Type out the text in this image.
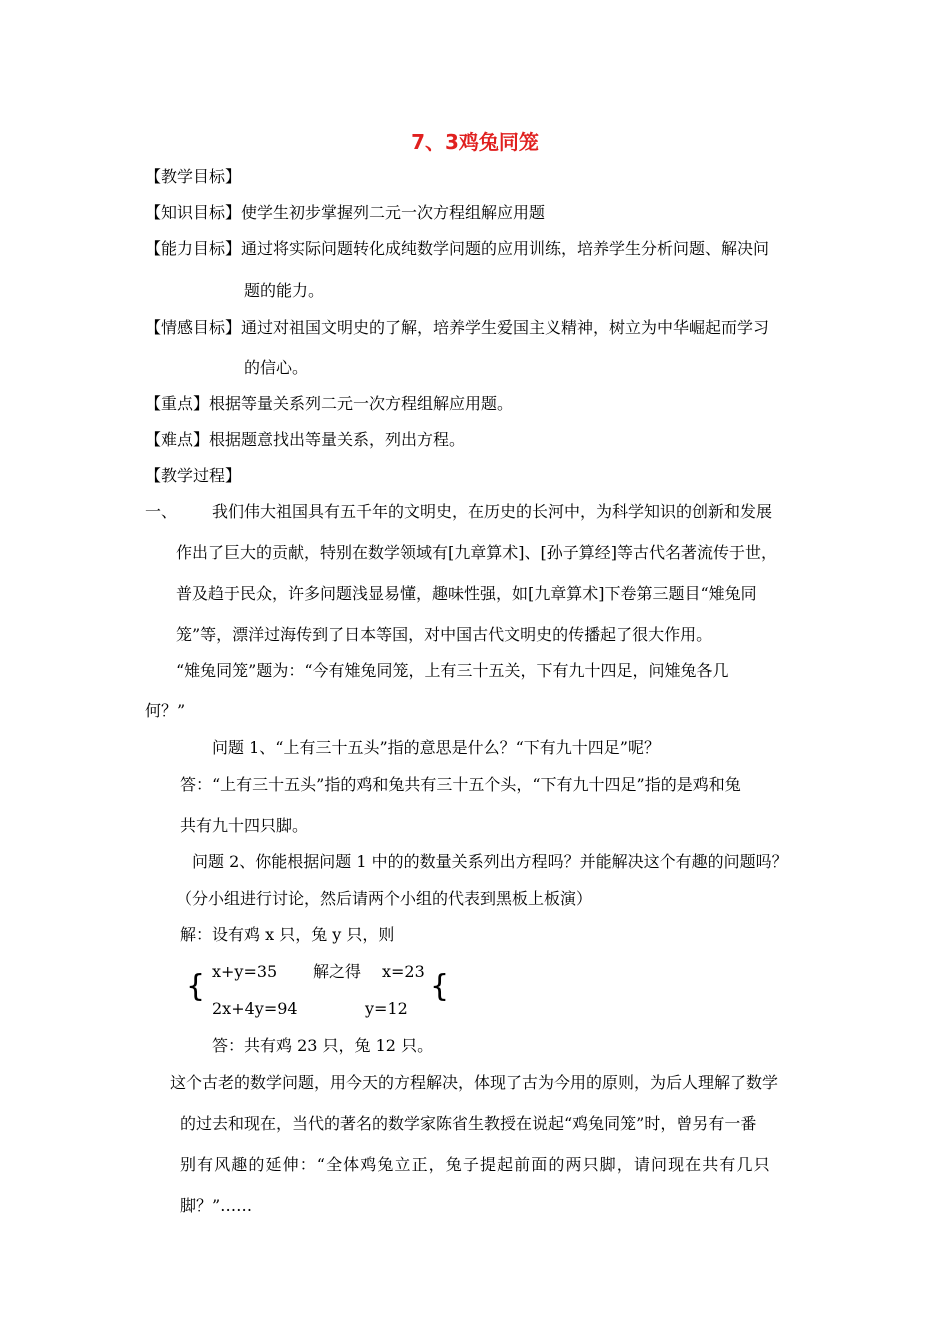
7、3鸡兔同笼
【教学目标】
【知识目标】使学生初步掌握列二元一次方程组解应用题
【能力目标】通过将实际问题转化成纯数学问题的应用训练，培养学生分析问题、解决问
题的能力。
【情感目标】通过对祖国文明史的了解，培养学生爱国主义精神，树立为中华崛起而学习
的信心。
【重点】根据等量关系列二元一次方程组解应用题。
【难点】根据题意找出等量关系，列出方程。
【教学过程】
一、 我们伟大祖国具有五千年的文明史，在历史的长河中，为科学知识的创新和发展
作出了巨大的贡献，特别在数学领域有[九章算术]、[孙子算经]等古代名著流传于世，
普及趋于民众，许多问题浅显易懂，趣味性强，如[九章算术]下卷第三题目“雉兔同
笼”等，漂洋过海传到了日本等国，对中国古代文明史的传播起了很大作用。
“雉兔同笼”题为：“今有雉兔同笼，上有三十五关，下有九十四足，问雉兔各几
何？”
问题 1、“上有三十五头”指的意思是什么？“下有九十四足”呢？
答：“上有三十五头”指的鸡和兔共有三十五个头，“下有九十四足”指的是鸡和兔
共有九十四只脚。
问题 2、你能根据问题 1 中的的数量关系列出方程吗？并能解决这个有趣的问题吗？
（分小组进行讨论，然后请两个小组的代表到黑板上板演）
解：设有鸡 x 只，兔 y 只，则
{ x+y=35 解之得 x=23 {
2x+4y=94	y=12
答：共有鸡 23 只，兔 12 只。
这个古老的数学问题，用今天的方程解决，体现了古为今用的原则，为后人理解了数学
的过去和现在，当代的著名的数学家陈省生教授在说起“鸡兔同笼”时，曾另有一番
别有风趣的延伸：“全体鸡兔立正，兔子提起前面的两只脚，请问现在共有几只
脚？”……
